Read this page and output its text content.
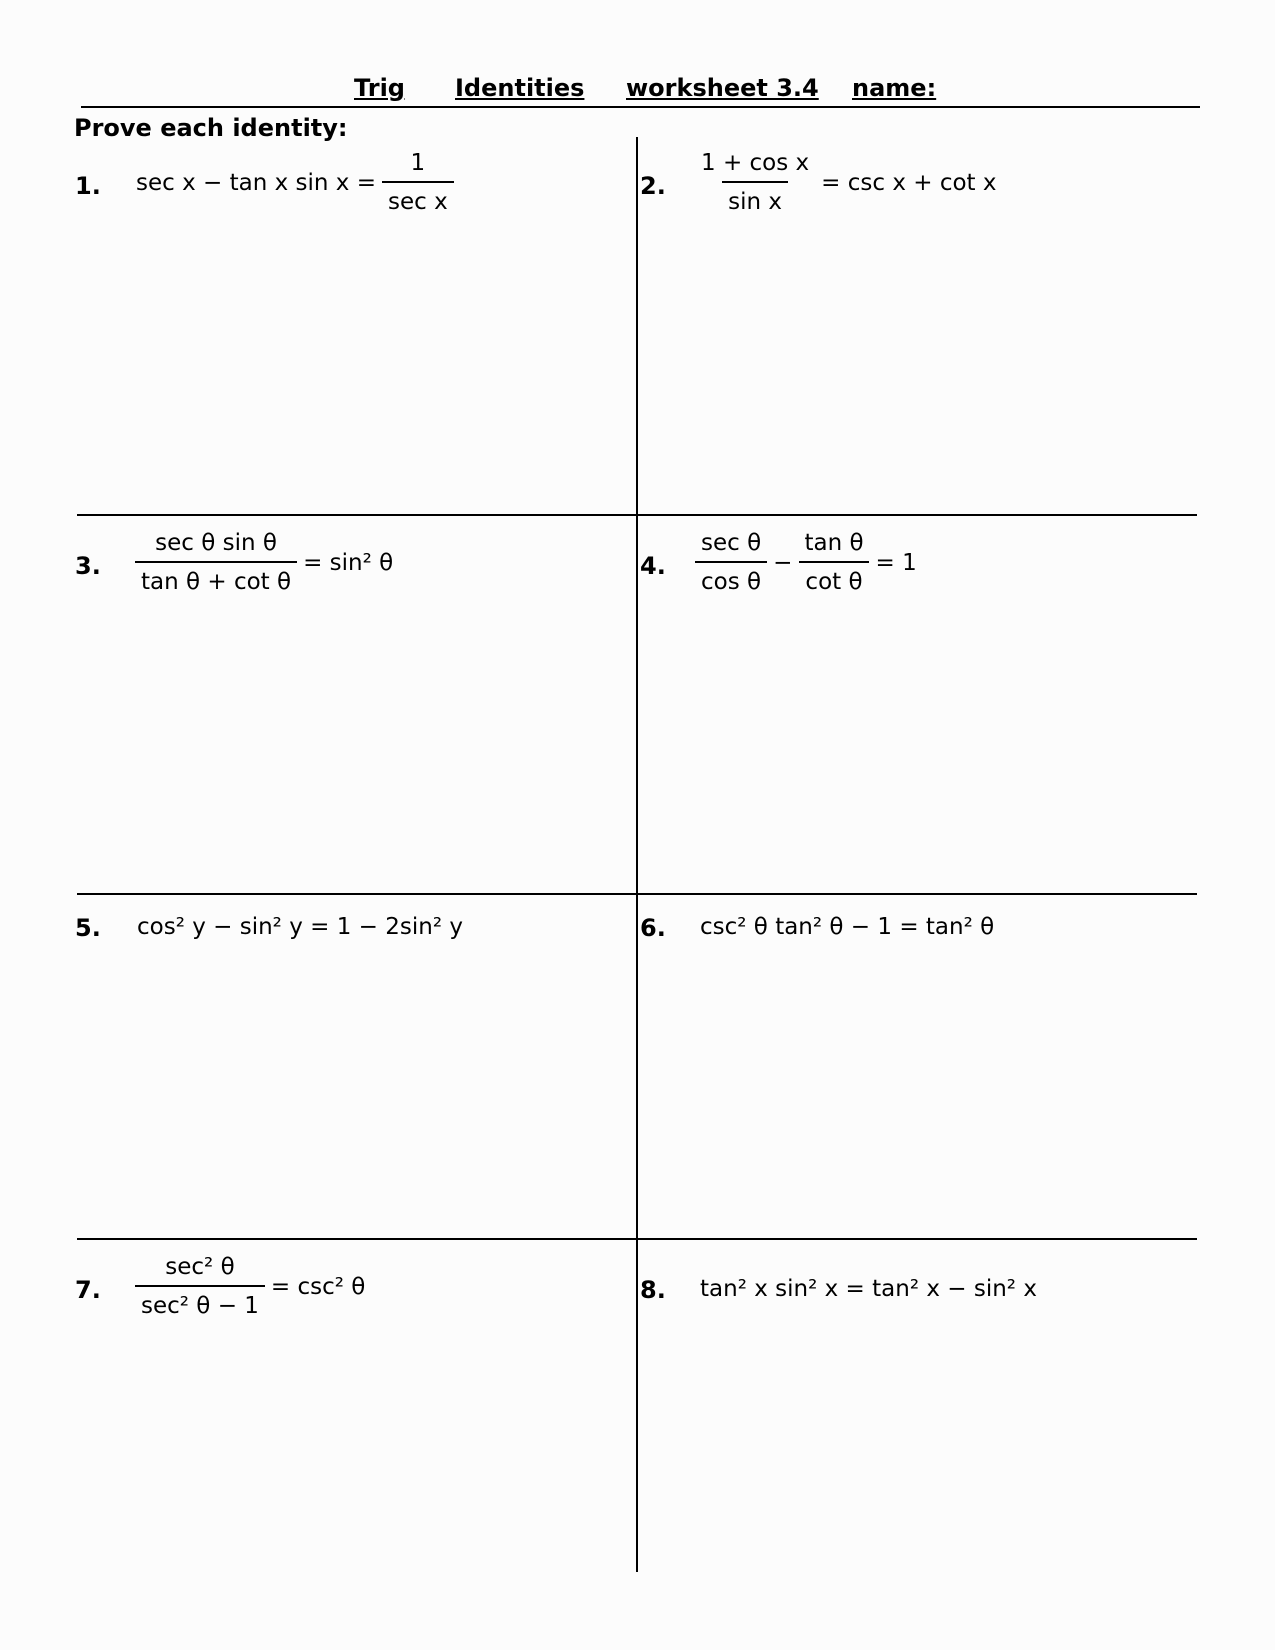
Trig Identities worksheet 3.4 name:
Prove each identity:
1. sec x − tan x $\sin x = \frac{1}{\text{sec x}}$	2. $\frac{\text{1 + cos x}}{\text{sin x}} = \csc x + \cot x$
3. $\frac{\text{sec θ sin θ}}{\text{tan θ + cot θ}} = \sin^2$ θ	4. $\frac{\text{sec θ}}{\text{cos θ}} - \frac{\text{tan θ}}{\text{cot θ}} = 1$
5. cos² y − sin² y = 1 − 2sin² y	6. csc² θ tan² θ − 1 = tan² θ
7. $\frac{\text{sec² θ}}{\text{sec² θ − 1}} = \csc^2$ θ	8. tan² x sin² x = tan² x − sin² x
